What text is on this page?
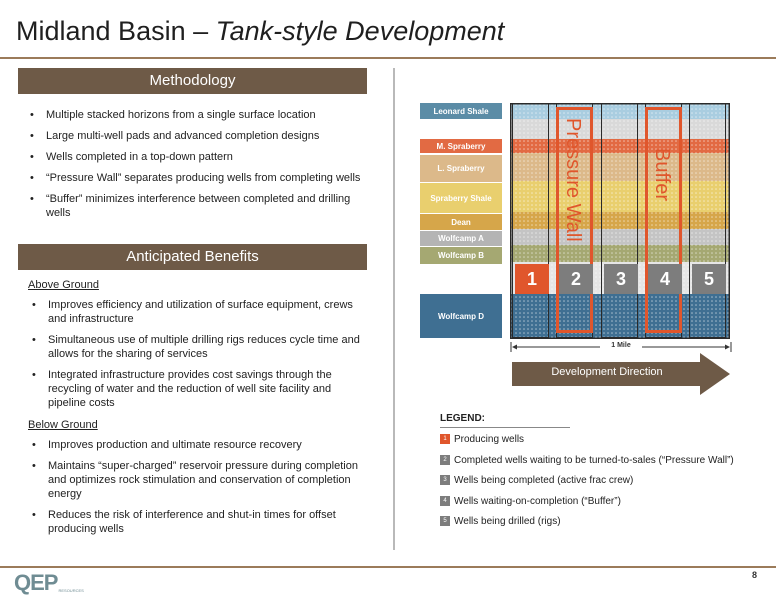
Midland Basin – Tank-style Development
Methodology
• Multiple stacked horizons from a single surface location
• Large multi-well pads and advanced completion designs
• Wells completed in a top-down pattern
• “Pressure Wall” separates producing wells from completing wells
• “Buffer” minimizes interference between completed and drilling wells
Anticipated Benefits
Above Ground
• Improves efficiency and utilization of surface equipment, crews and infrastructure
• Simultaneous use of multiple drilling rigs reduces cycle time and allows for the sharing of services
• Integrated infrastructure provides cost savings through the recycling of water and the reduction of well site facility and pipeline costs
Below Ground
• Improves production and ultimate resource recovery
• Maintains “super-charged” reservoir pressure during completion and optimizes rock stimulation and conservation of completion energy
• Reduces the risk of interference and shut-in times for offset producing wells
Leonard Shale
M. Spraberry
L. Spraberry
Spraberry Shale
Dean
Wolfcamp A
Wolfcamp B
Wolfcamp D
Pressure Wall	Buffer
1	2	3	4	5
1 Mile
Development Direction
LEGEND:
1 Producing wells
2 Completed wells waiting to be turned-to-sales (“Pressure Wall”)
3 Wells being completed (active frac crew)
4 Wells waiting-on-completion (“Buffer”)
5 Wells being drilled (rigs)
QEP RESOURCES
8
